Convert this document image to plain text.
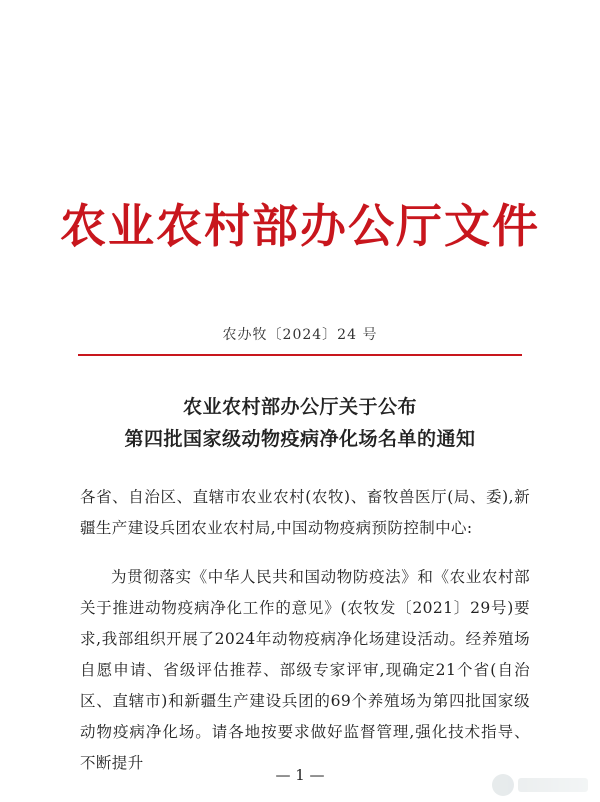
农业农村部办公厅文件
农办牧〔2024〕24 号
农业农村部办公厅关于公布
第四批国家级动物疫病净化场名单的通知
各省、自治区、直辖市农业农村(农牧)、畜牧兽医厅(局、委),新疆生产建设兵团农业农村局,中国动物疫病预防控制中心:
为贯彻落实《中华人民共和国动物防疫法》和《农业农村部关于推进动物疫病净化工作的意见》(农牧发〔2021〕29号)要求,我部组织开展了2024年动物疫病净化场建设活动。经养殖场自愿申请、省级评估推荐、部级专家评审,现确定21个省(自治区、直辖市)和新疆生产建设兵团的69个养殖场为第四批国家级动物疫病净化场。请各地按要求做好监督管理,强化技术指导、不断提升
— 1 —
